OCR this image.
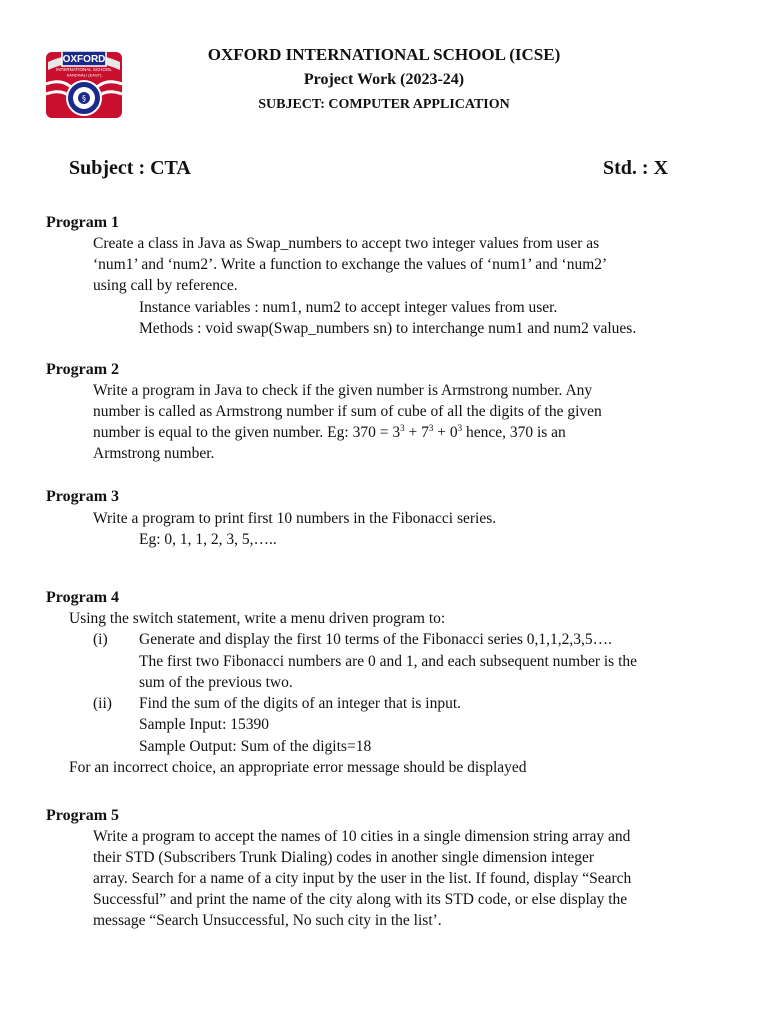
OXFORD
INTERNATIONAL SCHOOL
KANDIVALI (EAST)
§
OXFORD INTERNATIONAL SCHOOL (ICSE)
Project Work (2023-24)
SUBJECT: COMPUTER APPLICATION
Subject : CTA	Std. : X
Program 1
Create a class in Java as Swap_numbers to accept two integer values from user as
‘num1’ and ‘num2’. Write a function to exchange the values of ‘num1’ and ‘num2’
using call by reference.
Instance variables : num1, num2 to accept integer values from user.
Methods : void swap(Swap_numbers sn) to interchange num1 and num2 values.
Program 2
Write a program in Java to check if the given number is Armstrong number. Any
number is called as Armstrong number if sum of cube of all the digits of the given
number is equal to the given number. Eg: $370 = 3^3 + 7^3 + 0^3$ hence, 370 is an
Armstrong number.
Program 3
Write a program to print first 10 numbers in the Fibonacci series.
Eg: 0, 1, 1, 2, 3, 5,…..
Program 4
Using the switch statement, write a menu driven program to:
(i) Generate and display the first 10 terms of the Fibonacci series 0,1,1,2,3,5….
The first two Fibonacci numbers are 0 and 1, and each subsequent number is the
sum of the previous two.
(ii) Find the sum of the digits of an integer that is input.
Sample Input: 15390
Sample Output: Sum of the digits=18
For an incorrect choice, an appropriate error message should be displayed
Program 5
Write a program to accept the names of 10 cities in a single dimension string array and
their STD (Subscribers Trunk Dialing) codes in another single dimension integer
array. Search for a name of a city input by the user in the list. If found, display “Search
Successful” and print the name of the city along with its STD code, or else display the
message “Search Unsuccessful, No such city in the list’.
